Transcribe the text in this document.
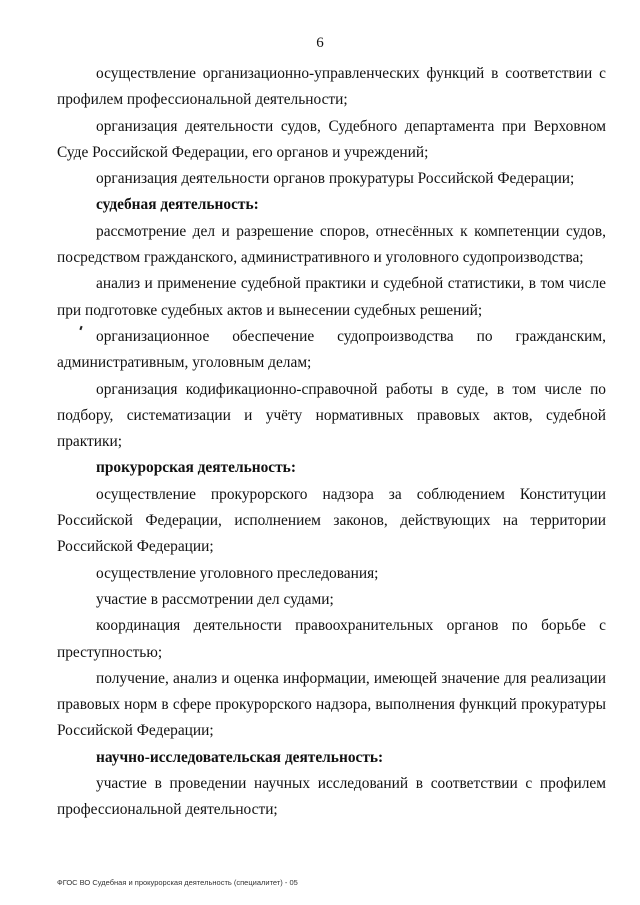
6

осуществление организационно-управленческих функций в соответствии с профилем профессиональной деятельности;

организация деятельности судов, Судебного департамента при Верховном Суде Российской Федерации, его органов и учреждений;

организация деятельности органов прокуратуры Российской Федерации;

судебная деятельность:

рассмотрение дел и разрешение споров, отнесённых к компетенции судов, посредством гражданского, административного и уголовного судопроизводства;

анализ и применение судебной практики и судебной статистики, в том числе при подготовке судебных актов и вынесении судебных решений;

организационное обеспечение судопроизводства по гражданским, административным, уголовным делам;

организация кодификационно-справочной работы в суде, в том числе по подбору, систематизации и учёту нормативных правовых актов, судебной практики;

прокурорская деятельность:

осуществление прокурорского надзора за соблюдением Конституции Российской Федерации, исполнением законов, действующих на территории Российской Федерации;

осуществление уголовного преследования;

участие в рассмотрении дел судами;

координация деятельности правоохранительных органов по борьбе с преступностью;

получение, анализ и оценка информации, имеющей значение для реализации правовых норм в сфере прокурорского надзора, выполнения функций прокуратуры Российской Федерации;

научно-исследовательская деятельность:

участие в проведении научных исследований в соответствии с профилем профессиональной деятельности;

ФГОС ВО Судебная и прокурорская деятельность (специалитет) - 05
